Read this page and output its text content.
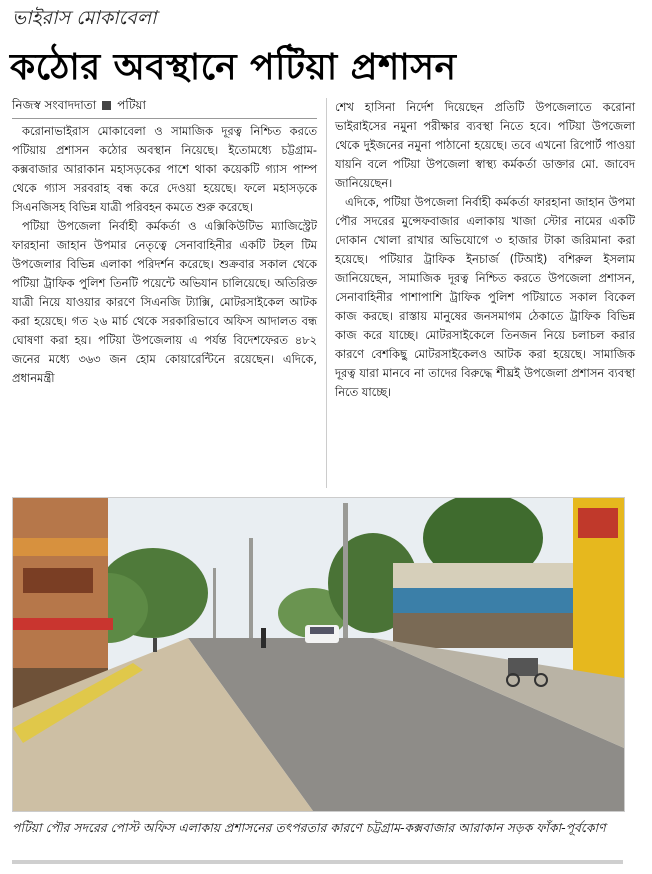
ভাইরাস মোকাবেলা
কঠোর অবস্থানে পটিয়া প্রশাসন
নিজস্ব সংবাদদাতা পটিয়া

করোনাভাইরাস মোকাবেলা ও সামাজিক দূরত্ব নিশ্চিত করতে পটিয়ায় প্রশাসন কঠোর অবস্থান নিয়েছে। ইতোমধ্যে চট্টগ্রাম-কক্সবাজার আরাকান মহাসড়কের পাশে থাকা কয়েকটি গ্যাস পাম্প থেকে গ্যাস সরবরাহ বন্ধ করে দেওয়া হয়েছে। ফলে মহাসড়কে সিএনজিসহ বিভিন্ন যাত্রী পরিবহন কমতে শুরু করেছে।

পটিয়া উপজেলা নির্বাহী কর্মকর্তা ও এক্সিকিউটিভ ম্যাজিস্ট্রেট ফারহানা জাহান উপমার নেতৃত্বে সেনাবাহিনীর একটি টহল টিম উপজেলার বিভিন্ন এলাকা পরিদর্শন করেছে। শুক্রবার সকাল থেকে পটিয়া ট্রাফিক পুলিশ তিনটি পয়েন্টে অভিযান চালিয়েছে। অতিরিক্ত যাত্রী নিয়ে যাওয়ার কারণে সিএনজি ট্যাক্সি, মোটরসাইকেল আটক করা হয়েছে। গত ২৬ মার্চ থেকে সরকারিভাবে অফিস আদালত বন্ধ ঘোষণা করা হয়। পটিয়া উপজেলায় এ পর্যন্ত বিদেশফেরত ৪৮২ জনের মধ্যে ৩৬৩ জন হোম কোয়ারেন্টিনে রয়েছেন। এদিকে, প্রধানমন্ত্রী

শেখ হাসিনা নির্দেশ দিয়েছেন প্রতিটি উপজেলাতে করোনা ভাইরাইসের নমুনা পরীক্ষার ব্যবস্থা নিতে হবে। পটিয়া উপজেলা থেকে দুইজনের নমুনা পাঠানো হয়েছে। তবে এখনো রিপোর্ট পাওয়া যায়নি বলে পটিয়া উপজেলা স্বাস্থ্য কর্মকর্তা ডাক্তার মো. জাবেদ জানিয়েছেন।

এদিকে, পটিয়া উপজেলা নির্বাহী কর্মকর্তা ফারহানা জাহান উপমা পৌর সদরের মুন্সেফবাজার এলাকায় খাজা স্টোর নামের একটি দোকান খোলা রাখার অভিযোগে ৩ হাজার টাকা জরিমানা করা হয়েছে। পটিয়ার ট্রাফিক ইনচার্জ (টিআই) বশিরুল ইসলাম জানিয়েছেন, সামাজিক দূরত্ব নিশ্চিত করতে উপজেলা প্রশাসন, সেনাবাহিনীর পাশাপাশি ট্রাফিক পুলিশ পটিয়াতে সকাল বিকেল কাজ করছে। রাস্তায় মানুষের জনসমাগম ঠেকাতে ট্রাফিক বিভিন্ন কাজ করে যাচ্ছে। মোটরসাইকেলে তিনজন নিয়ে চলাচল করার কারণে বেশকিছু মোটরসাইকেলও আটক করা হয়েছে। সামাজিক দূরত্ব যারা মানবে না তাদের বিরুদ্ধে শীঘ্রই উপজেলা প্রশাসন ব্যবস্থা নিতে যাচ্ছে।

পটিয়া পৌর সদরের পোস্ট অফিস এলাকায় প্রশাসনের তৎপরতার কারণে চট্টগ্রাম-কক্সবাজার আরাকান সড়ক ফাঁকা-পূর্বকোণ
